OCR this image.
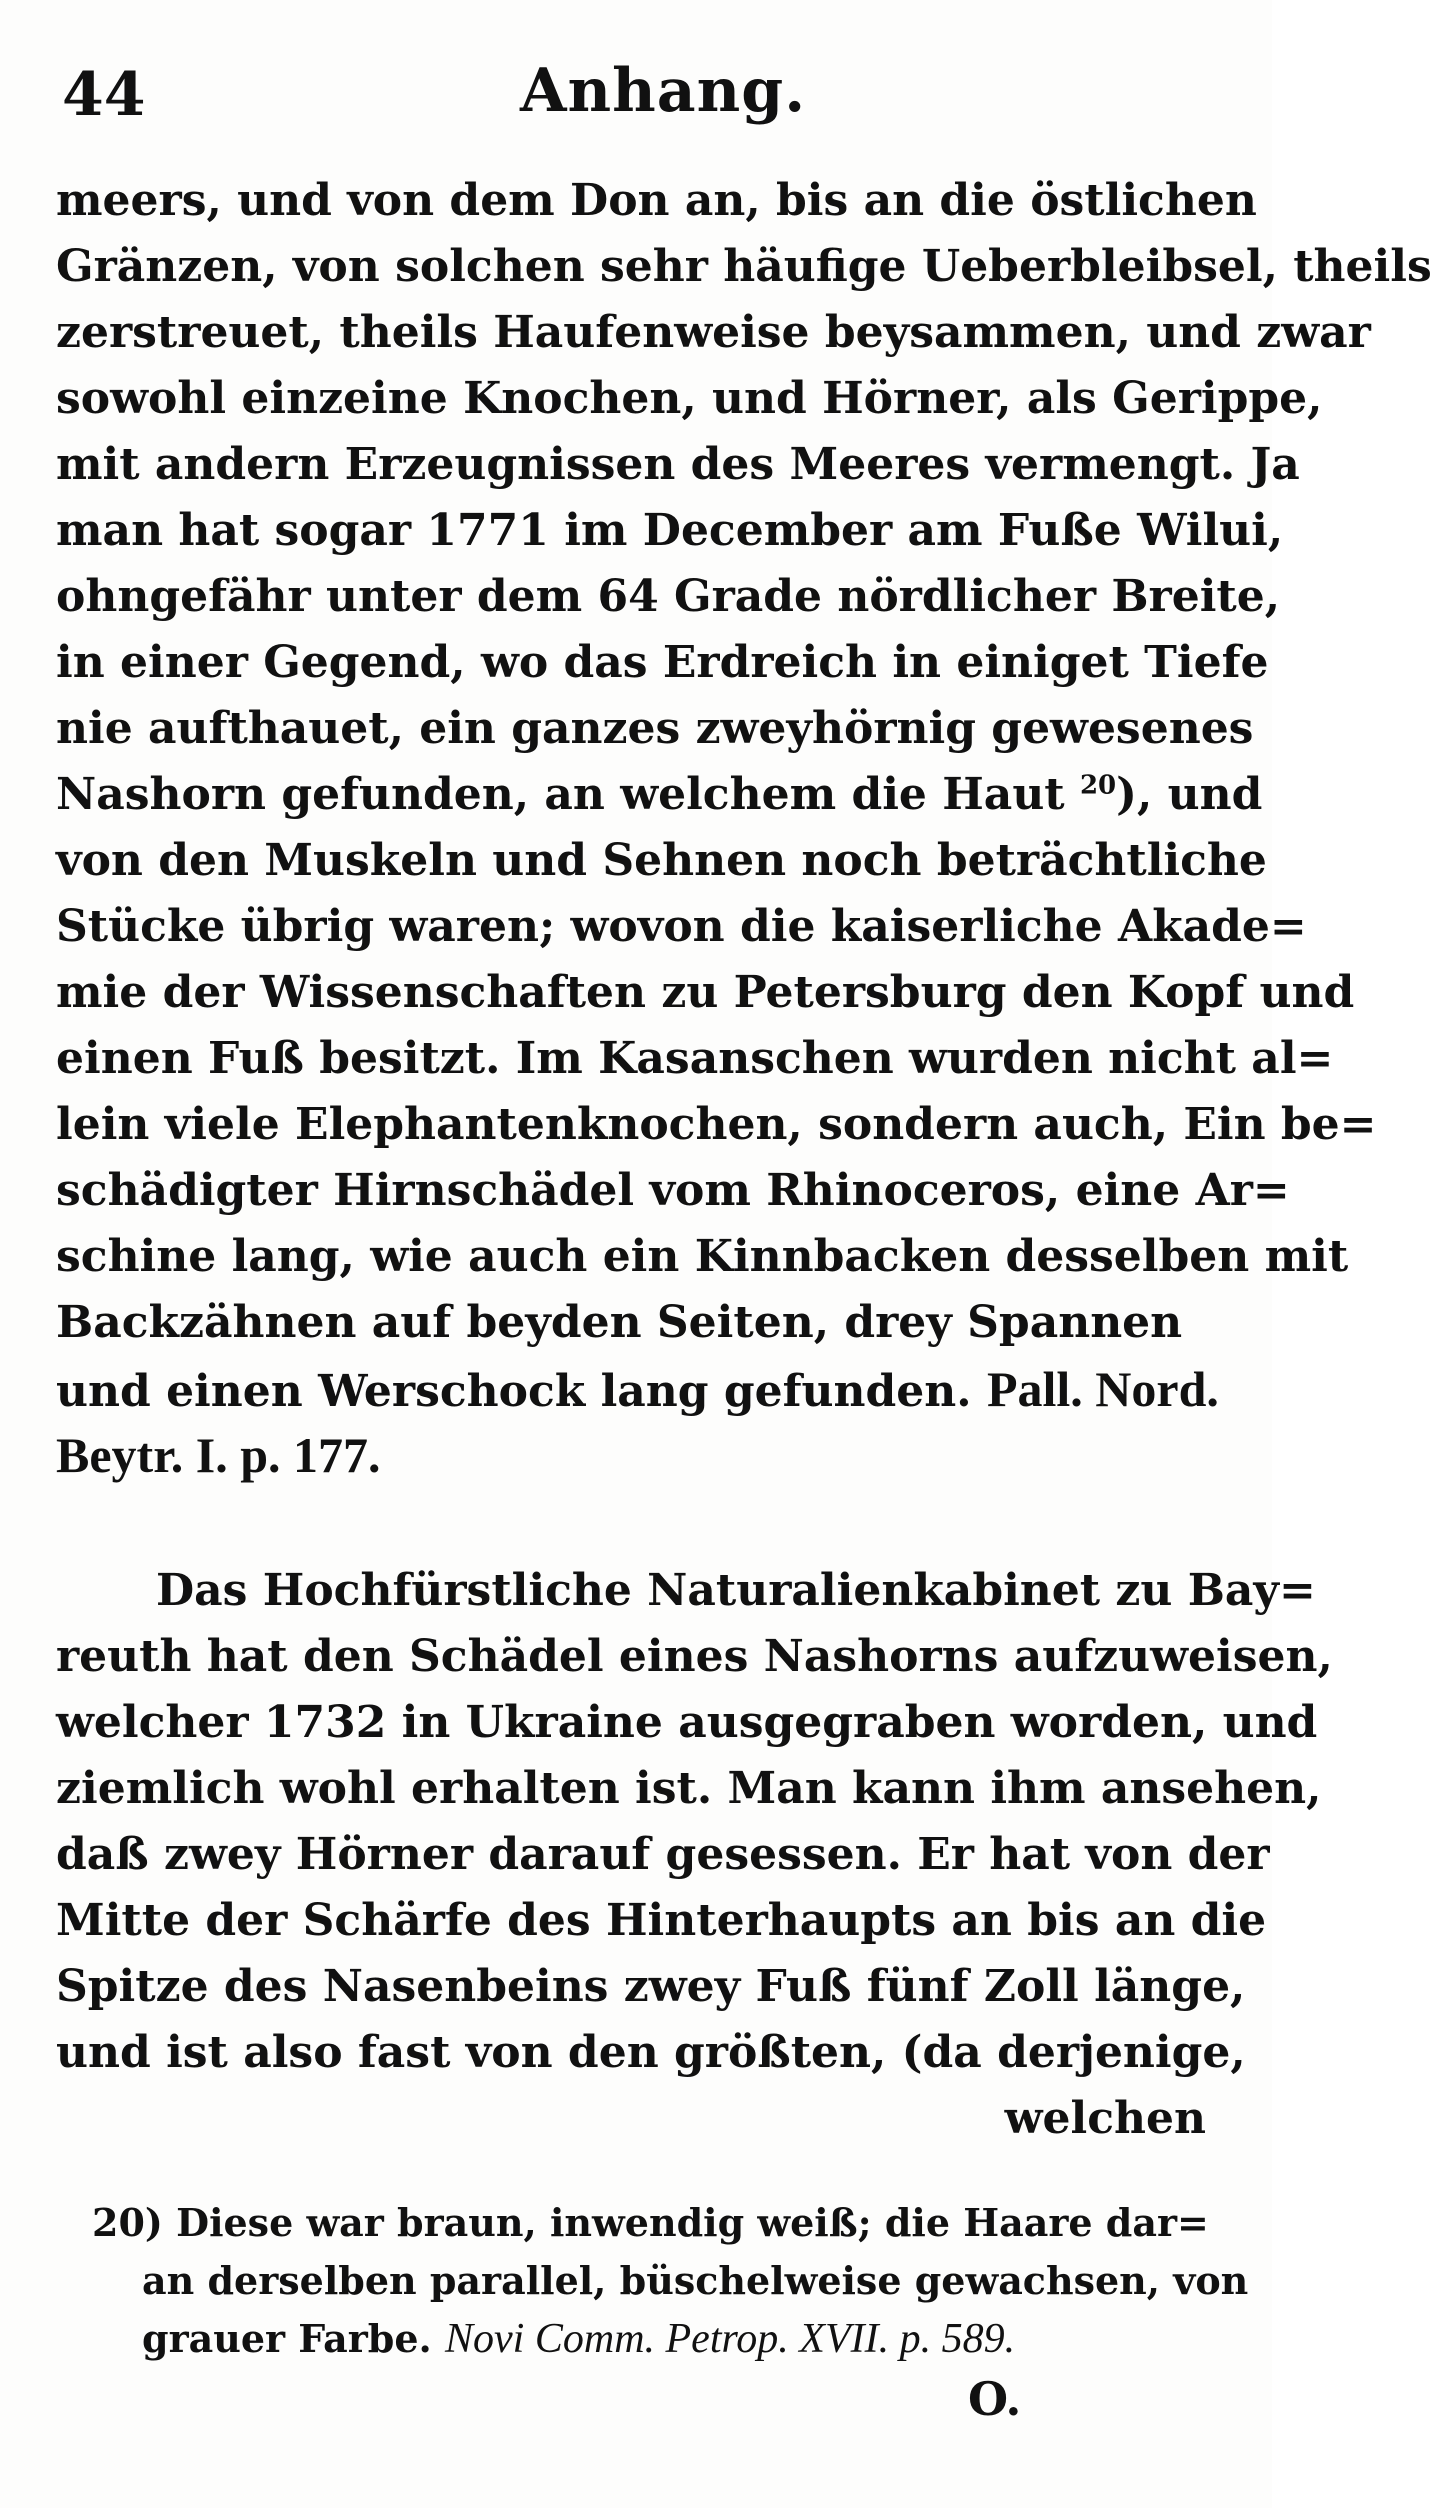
44	Anhang.
meers, und von dem Don an, bis an die östlichen
Gränzen, von solchen sehr häufige Ueberbleibsel, theils
zerstreuet, theils Haufenweise beysammen, und zwar
sowohl einzeine Knochen, und Hörner, als Gerippe,
mit andern Erzeugnissen des Meeres vermengt. Ja
man hat sogar 1771 im December am Fuße Wilui,
ohngefähr unter dem 64 Grade nördlicher Breite,
in einer Gegend, wo das Erdreich in einiget Tiefe
nie aufthauet, ein ganzes zweyhörnig gewesenes
Nashorn gefunden, an welchem die Haut $^{20}$), und
von den Muskeln und Sehnen noch beträchtliche
Stücke übrig waren; wovon die kaiserliche Akade=
mie der Wissenschaften zu Petersburg den Kopf und
einen Fuß besitzt. Im Kasanschen wurden nicht al=
lein viele Elephantenknochen, sondern auch, Ein be=
schädigter Hirnschädel vom Rhinoceros, eine Ar=
schine lang, wie auch ein Kinnbacken desselben mit
Backzähnen auf beyden Seiten, drey Spannen
und einen Werschock lang gefunden. Pall. Nord.
Beytr. I. p. 177.
Das Hochfürstliche Naturalienkabinet zu Bay=
reuth hat den Schädel eines Nashorns aufzuweisen,
welcher 1732 in Ukraine ausgegraben worden, und
ziemlich wohl erhalten ist. Man kann ihm ansehen,
daß zwey Hörner darauf gesessen. Er hat von der
Mitte der Schärfe des Hinterhaupts an bis an die
Spitze des Nasenbeins zwey Fuß fünf Zoll länge,
und ist also fast von den größten, (da derjenige,
welchen
20) Diese war braun, inwendig weiß; die Haare dar=
an derselben parallel, büschelweise gewachsen, von
grauer Farbe. Novi Comm. Petrop. XVII. p. 589.
O.
